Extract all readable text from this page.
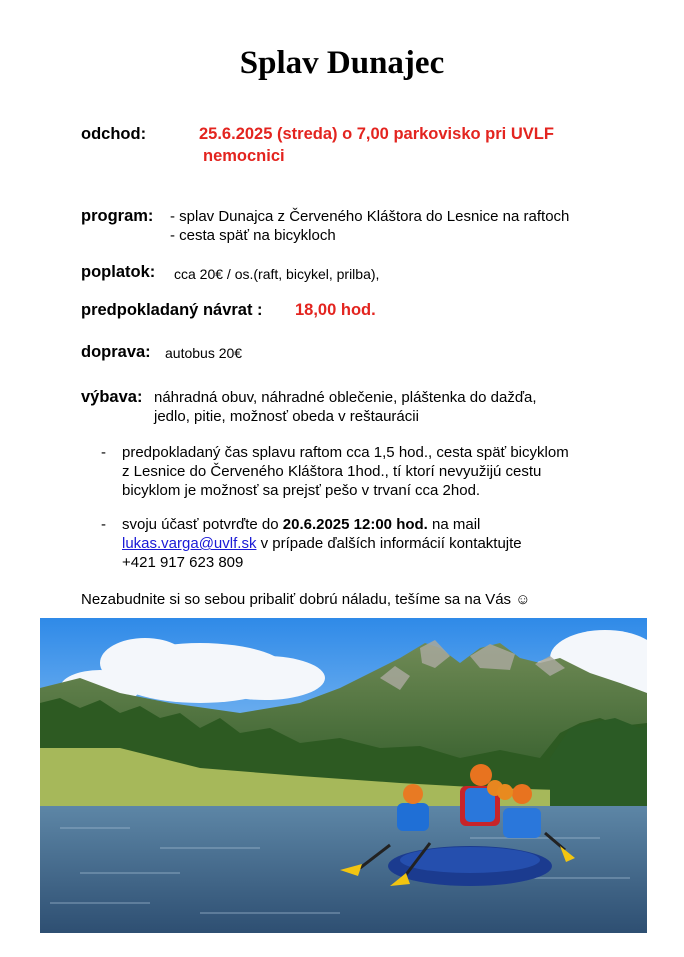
Splav Dunajec
odchod:	25.6.2025 (streda) o 7,00 parkovisko pri UVLF
nemocnici
program: - splav Dunajca z Červeného Kláštora do Lesnice na raftoch
- cesta späť na bicykloch
poplatok: cca 20€ / os.(raft, bicykel, prilba),
predpokladaný návrat : 18,00 hod.
doprava: autobus 20€
výbava: náhradná obuv, náhradné oblečenie, pláštenka do dažďa,
jedlo, pitie, možnosť obeda v reštaurácii
- predpokladaný čas splavu raftom cca 1,5 hod., cesta späť bicyklom
z Lesnice do Červeného Kláštora 1hod., tí ktorí nevyužijú cestu
bicyklom je možnosť sa prejsť pešo v trvaní cca 2hod.
- svoju účasť potvrďte do 20.6.2025 12:00 hod. na mail
lukas.varga@uvlf.sk v prípade ďalších informácií kontaktujte
+421 917 623 809
Nezabudnite si so sebou pribaliť dobrú náladu, tešíme sa na Vás ☺
